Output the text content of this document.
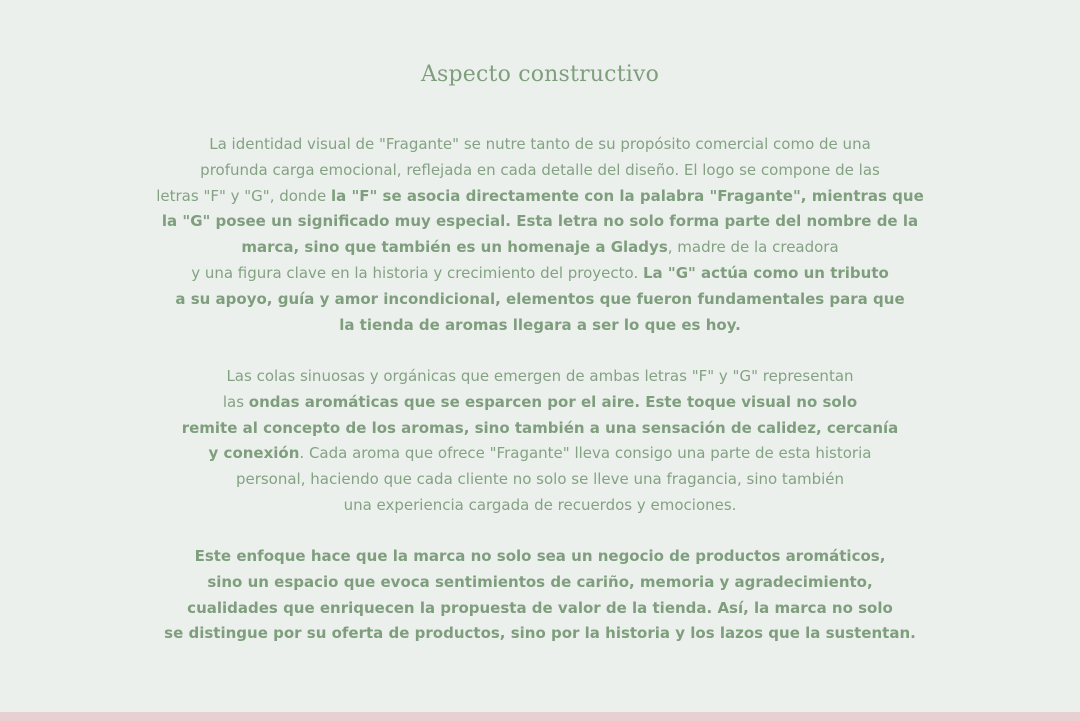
Aspecto constructivo

La identidad visual de "Fragante" se nutre tanto de su propósito comercial como de una
profunda carga emocional, reflejada en cada detalle del diseño. El logo se compone de las
letras "F" y "G", donde la "F" se asocia directamente con la palabra "Fragante", mientras que
la "G" posee un significado muy especial. Esta letra no solo forma parte del nombre de la
marca, sino que también es un homenaje a Gladys, madre de la creadora
y una figura clave en la historia y crecimiento del proyecto. La "G" actúa como un tributo
a su apoyo, guía y amor incondicional, elementos que fueron fundamentales para que
la tienda de aromas llegara a ser lo que es hoy.

Las colas sinuosas y orgánicas que emergen de ambas letras "F" y "G" representan
las ondas aromáticas que se esparcen por el aire. Este toque visual no solo
remite al concepto de los aromas, sino también a una sensación de calidez, cercanía
y conexión. Cada aroma que ofrece "Fragante" lleva consigo una parte de esta historia
personal, haciendo que cada cliente no solo se lleve una fragancia, sino también
una experiencia cargada de recuerdos y emociones.

Este enfoque hace que la marca no solo sea un negocio de productos aromáticos,
sino un espacio que evoca sentimientos de cariño, memoria y agradecimiento,
cualidades que enriquecen la propuesta de valor de la tienda. Así, la marca no solo
se distingue por su oferta de productos, sino por la historia y los lazos que la sustentan.
